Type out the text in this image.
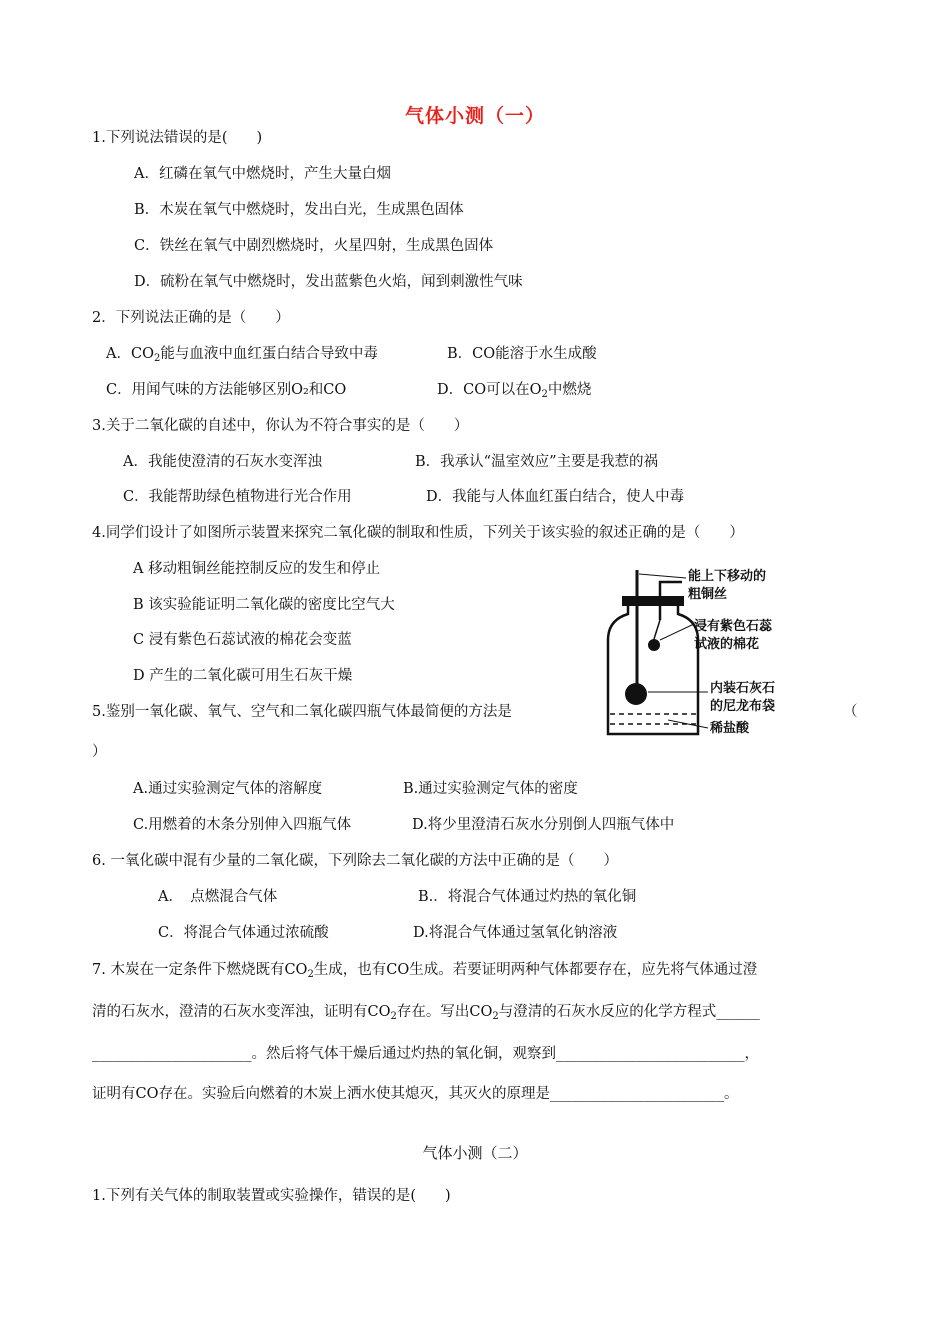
气体小测（一）
1.下列说法错误的是(　　)
A．红磷在氧气中燃烧时，产生大量白烟
B．木炭在氧气中燃烧时，发出白光，生成黑色固体
C．铁丝在氧气中剧烈燃烧时，火星四射，生成黑色固体
D．硫粉在氧气中燃烧时，发出蓝紫色火焰，闻到刺激性气味
2．下列说法正确的是（　　）
A．$CO_2$能与血液中血红蛋白结合导致中毒	B．CO能溶于水生成酸
C．用闻气味的方法能够区别O₂和CO	D．CO可以在$O_2$中燃烧
3.关于二氧化碳的自述中，你认为不符合事实的是（　　）
A．我能使澄清的石灰水变浑浊	B．我承认“温室效应”主要是我惹的祸
C．我能帮助绿色植物进行光合作用	D．我能与人体血红蛋白结合，使人中毒
4.同学们设计了如图所示装置来探究二氧化碳的制取和性质，下列关于该实验的叙述正确的是（　　）
A 移动粗铜丝能控制反应的发生和停止
B 该实验能证明二氧化碳的密度比空气大
C 浸有紫色石蕊试液的棉花会变蓝
D 产生的二氧化碳可用生石灰干燥
能上下移动的
粗铜丝
浸有紫色石蕊
试液的棉花
内装石灰石
的尼龙布袋
稀盐酸
5.鉴别一氧化碳、氧气、空气和二氧化碳四瓶气体最简便的方法是	（
）
A.通过实验测定气体的溶解度	B.通过实验测定气体的密度
C.用燃着的木条分别伸入四瓶气体	D.将少里澄清石灰水分别倒人四瓶气体中
6. 一氧化碳中混有少量的二氧化碳，下列除去二氧化碳的方法中正确的是（　　）
A．　点燃混合气体	B.．将混合气体通过灼热的氧化铜
C．将混合气体通过浓硫酸	D.将混合气体通过氢氧化钠溶液
7. 木炭在一定条件下燃烧既有$CO_2$生成，也有CO生成。若要证明两种气体都要存在，应先将气体通过澄
清的石灰水，澄清的石灰水变浑浊，证明有$CO_2$存在。写出$CO_2$与澄清的石灰水反应的化学方程式______
______________________。然后将气体干燥后通过灼热的氧化铜，观察到__________________________，
证明有CO存在。实验后向燃着的木炭上洒水使其熄灭，其灭火的原理是________________________。
气体小测（二）
1.下列有关气体的制取装置或实验操作，错误的是(　　)
